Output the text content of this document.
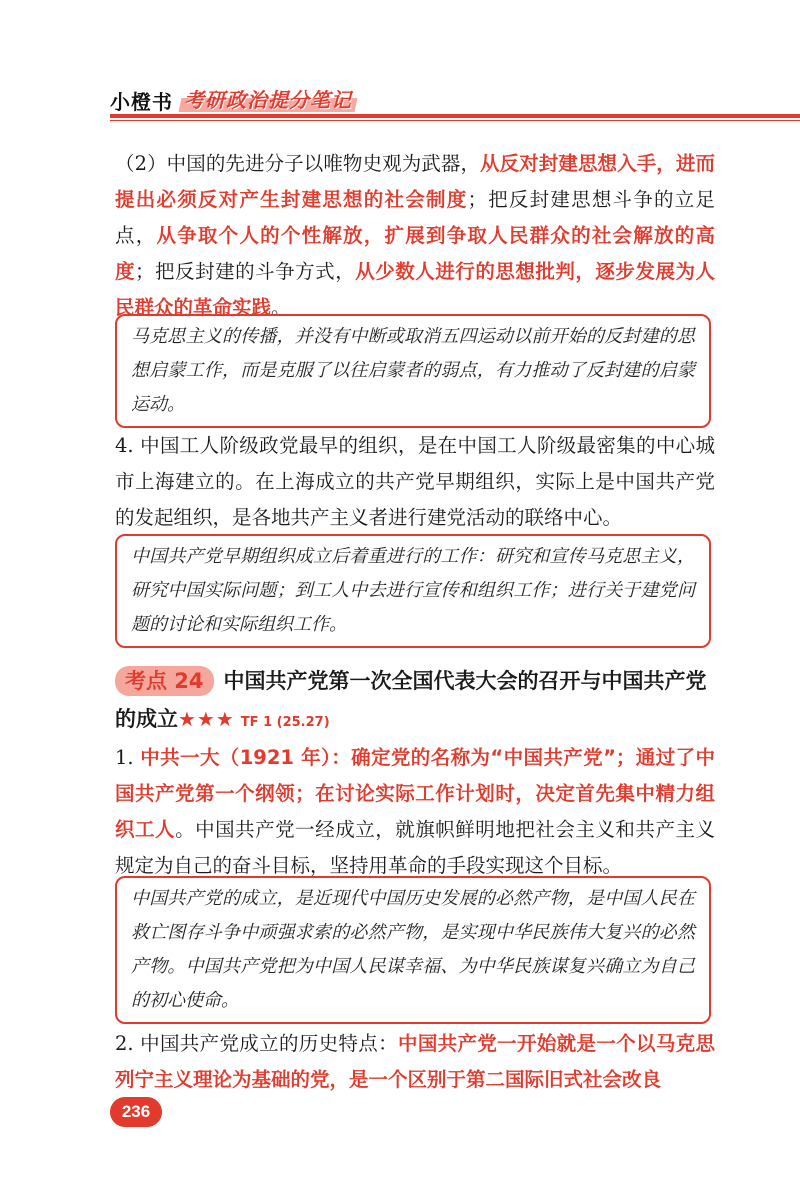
小橙书 考研政治提分笔记
（2）中国的先进分子以唯物史观为武器，从反对封建思想入手，进而提出必须反对产生封建思想的社会制度；把反封建思想斗争的立足点，从争取个人的个性解放，扩展到争取人民群众的社会解放的高度；把反封建的斗争方式，从少数人进行的思想批判，逐步发展为人民群众的革命实践。
马克思主义的传播，并没有中断或取消五四运动以前开始的反封建的思想启蒙工作，而是克服了以往启蒙者的弱点，有力推动了反封建的启蒙运动。
4. 中国工人阶级政党最早的组织，是在中国工人阶级最密集的中心城市上海建立的。在上海成立的共产党早期组织，实际上是中国共产党的发起组织，是各地共产主义者进行建党活动的联络中心。
中国共产党早期组织成立后着重进行的工作：研究和宣传马克思主义，研究中国实际问题；到工人中去进行宣传和组织工作；进行关于建党问题的讨论和实际组织工作。
考点 24 中国共产党第一次全国代表大会的召开与中国共产党的成立★★★ TF 1 (25.27)
1. 中共一大（1921 年）：确定党的名称为“中国共产党”；通过了中国共产党第一个纲领；在讨论实际工作计划时，决定首先集中精力组织工人。中国共产党一经成立，就旗帜鲜明地把社会主义和共产主义规定为自己的奋斗目标，坚持用革命的手段实现这个目标。
中国共产党的成立，是近现代中国历史发展的必然产物，是中国人民在救亡图存斗争中顽强求索的必然产物，是实现中华民族伟大复兴的必然产物。中国共产党把为中国人民谋幸福、为中华民族谋复兴确立为自己的初心使命。
2. 中国共产党成立的历史特点：中国共产党一开始就是一个以马克思列宁主义理论为基础的党，是一个区别于第二国际旧式社会改良
236
